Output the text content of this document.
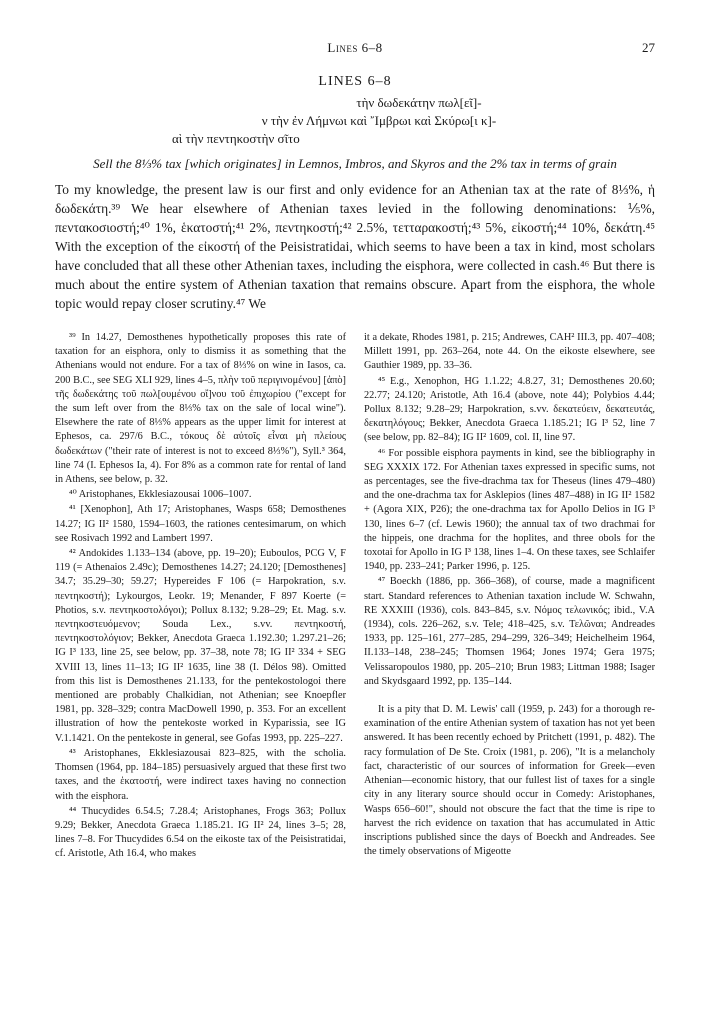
Lines 6–8	27
LINES 6–8
τὴν δωδεκάτην πωλ[εῖ]-
ν τὴν ἐν Λήμνωι καὶ ῎Ιμβρωι καὶ Σκύρω[ι κ]-
αὶ τὴν πεντηκοστὴν σῖτο
Sell the 8⅓% tax [which originates] in Lemnos, Imbros, and Skyros and the 2% tax in terms of grain
To my knowledge, the present law is our first and only evidence for an Athenian tax at the rate of 8⅓%, ἡ δωδεκάτη.³⁹ We hear elsewhere of Athenian taxes levied in the following denominations: ⅕%, πεντακοσιοστή;⁴⁰ 1%, ἑκατοστή;⁴¹ 2%, πεντηκοστή;⁴² 2.5%, τετταρακοστή;⁴³ 5%, εἰκοστή;⁴⁴ 10%, δεκάτη.⁴⁵ With the exception of the εἰκοστή of the Peisistratidai, which seems to have been a tax in kind, most scholars have concluded that all these other Athenian taxes, including the eisphora, were collected in cash.⁴⁶ But there is much about the entire system of Athenian taxation that remains obscure. Apart from the eisphora, the whole topic would repay closer scrutiny.⁴⁷ We

³⁹ In 14.27, Demosthenes hypothetically proposes this rate of taxation for an eisphora, only to dismiss it as something that the Athenians would not endure. For a tax of 8⅓% on wine in Iasos, ca. 200 B.C., see SEG XLI 929, lines 4–5, πλὴν τοῦ περιγινομένου] [ἀπὸ] τῆς δωδεκάτης τοῦ πωλ[ουμένου οἴ]νου τοῦ ἐπιχωρίου ("except for the sum left over from the 8⅓% tax on the sale of local wine"). Elsewhere the rate of 8⅓% appears as the upper limit for interest at Ephesos, ca. 297/6 B.C., τόκους δὲ αὐτοῖς εἶναι μὴ πλείους δωδεκάτων ("their rate of interest is not to exceed 8⅓%"), Syll.³ 364, line 74 (I. Ephesos Ia, 4). For 8% as a common rate for rental of land in Athens, see below, p. 32.

⁴⁰ Aristophanes, Ekklesiazousai 1006–1007.

⁴¹ [Xenophon], Ath 17; Aristophanes, Wasps 658; Demosthenes 14.27; IG II² 1580, 1594–1603, the rationes centesimarum, on which see Rosivach 1992 and Lambert 1997.

⁴² Andokides 1.133–134 (above, pp. 19–20); Euboulos, PCG V, F 119 (= Athenaios 2.49c); Demosthenes 14.27; 24.120; [Demosthenes] 34.7; 35.29–30; 59.27; Hypereides F 106 (= Harpokration, s.v. πεντηκοστή); Lykourgos, Leokr. 19; Menander, F 897 Koerte (= Photios, s.v. πεντηκοστολόγοι); Pollux 8.132; 9.28–29; Et. Mag. s.v. πεντηκοστευόμενον; Souda Lex., s.vv. πεντηκοστή, πεντηκοστολόγιον; Bekker, Anecdota Graeca 1.192.30; 1.297.21–26; IG I³ 133, line 25, see below, pp. 37–38, note 78; IG II² 334 + SEG XVIII 13, lines 11–13; IG II² 1635, line 38 (I. Délos 98). Omitted from this list is Demosthenes 21.133, for the pentekostologoi there mentioned are probably Chalkidian, not Athenian; see Knoepfler 1981, pp. 328–329; contra MacDowell 1990, p. 353. For an excellent illustration of how the pentekoste worked in Kyparissia, see IG V.1.1421. On the pentekoste in general, see Gofas 1993, pp. 225–227.

⁴³ Aristophanes, Ekklesiazousai 823–825, with the scholia. Thomsen (1964, pp. 184–185) persuasively argued that these first two taxes, and the ἑκατοστή, were indirect taxes having no connection with the eisphora.

⁴⁴ Thucydides 6.54.5; 7.28.4; Aristophanes, Frogs 363; Pollux 9.29; Bekker, Anecdota Graeca 1.185.21. IG II² 24, lines 3–5; 28, lines 7–8. For Thucydides 6.54 on the eikoste tax of the Peisistratidai, cf. Aristotle, Ath 16.4, who makes

it a dekate, Rhodes 1981, p. 215; Andrewes, CAH² III.3, pp. 407–408; Millett 1991, pp. 263–264, note 44. On the eikoste elsewhere, see Gauthier 1989, pp. 33–36.

⁴⁵ E.g., Xenophon, HG 1.1.22; 4.8.27, 31; Demosthenes 20.60; 22.77; 24.120; Aristotle, Ath 16.4 (above, note 44); Polybios 4.44; Pollux 8.132; 9.28–29; Harpokration, s.vv. δεκατεύειν, δεκατευτάς, δεκατηλόγους; Bekker, Anecdota Graeca 1.185.21; IG I³ 52, line 7 (see below, pp. 82–84); IG II² 1609, col. II, line 97.

⁴⁶ For possible eisphora payments in kind, see the bibliography in SEG XXXIX 172. For Athenian taxes expressed in specific sums, not as percentages, see the five-drachma tax for Theseus (lines 479–480) and the one-drachma tax for Asklepios (lines 487–488) in IG II² 1582 + (Agora XIX, P26); the one-drachma tax for Apollo Delios in IG I³ 130, lines 6–7 (cf. Lewis 1960); the annual tax of two drachmai for the hippeis, one drachma for the hoplites, and three obols for the toxotai for Apollo in IG I³ 138, lines 1–4. On these taxes, see Schlaifer 1940, pp. 233–241; Parker 1996, p. 125.

⁴⁷ Boeckh (1886, pp. 366–368), of course, made a magnificent start. Standard references to Athenian taxation include W. Schwahn, RE XXXIII (1936), cols. 843–845, s.v. Νόμος τελωνικός; ibid., V.A (1934), cols. 226–262, s.v. Tele; 418–425, s.v. Τελῶναι; Andreades 1933, pp. 125–161, 277–285, 294–299, 326–349; Heichelheim 1964, II.133–148, 238–245; Thomsen 1964; Jones 1974; Gera 1975; Velissaropoulos 1980, pp. 205–210; Brun 1983; Littman 1988; Isager and Skydsgaard 1992, pp. 135–144.

It is a pity that D. M. Lewis' call (1959, p. 243) for a thorough re-examination of the entire Athenian system of taxation has not yet been answered. It has been recently echoed by Pritchett (1991, p. 482). The racy formulation of De Ste. Croix (1981, p. 206), "It is a melancholy fact, characteristic of our sources of information for Greek—even Athenian—economic history, that our fullest list of taxes for a single city in any literary source should occur in Comedy: Aristophanes, Wasps 656–60!", should not obscure the fact that the time is ripe to harvest the rich evidence on taxation that has accumulated in Attic inscriptions published since the days of Boeckh and Andreades. See the timely observations of Migeotte
